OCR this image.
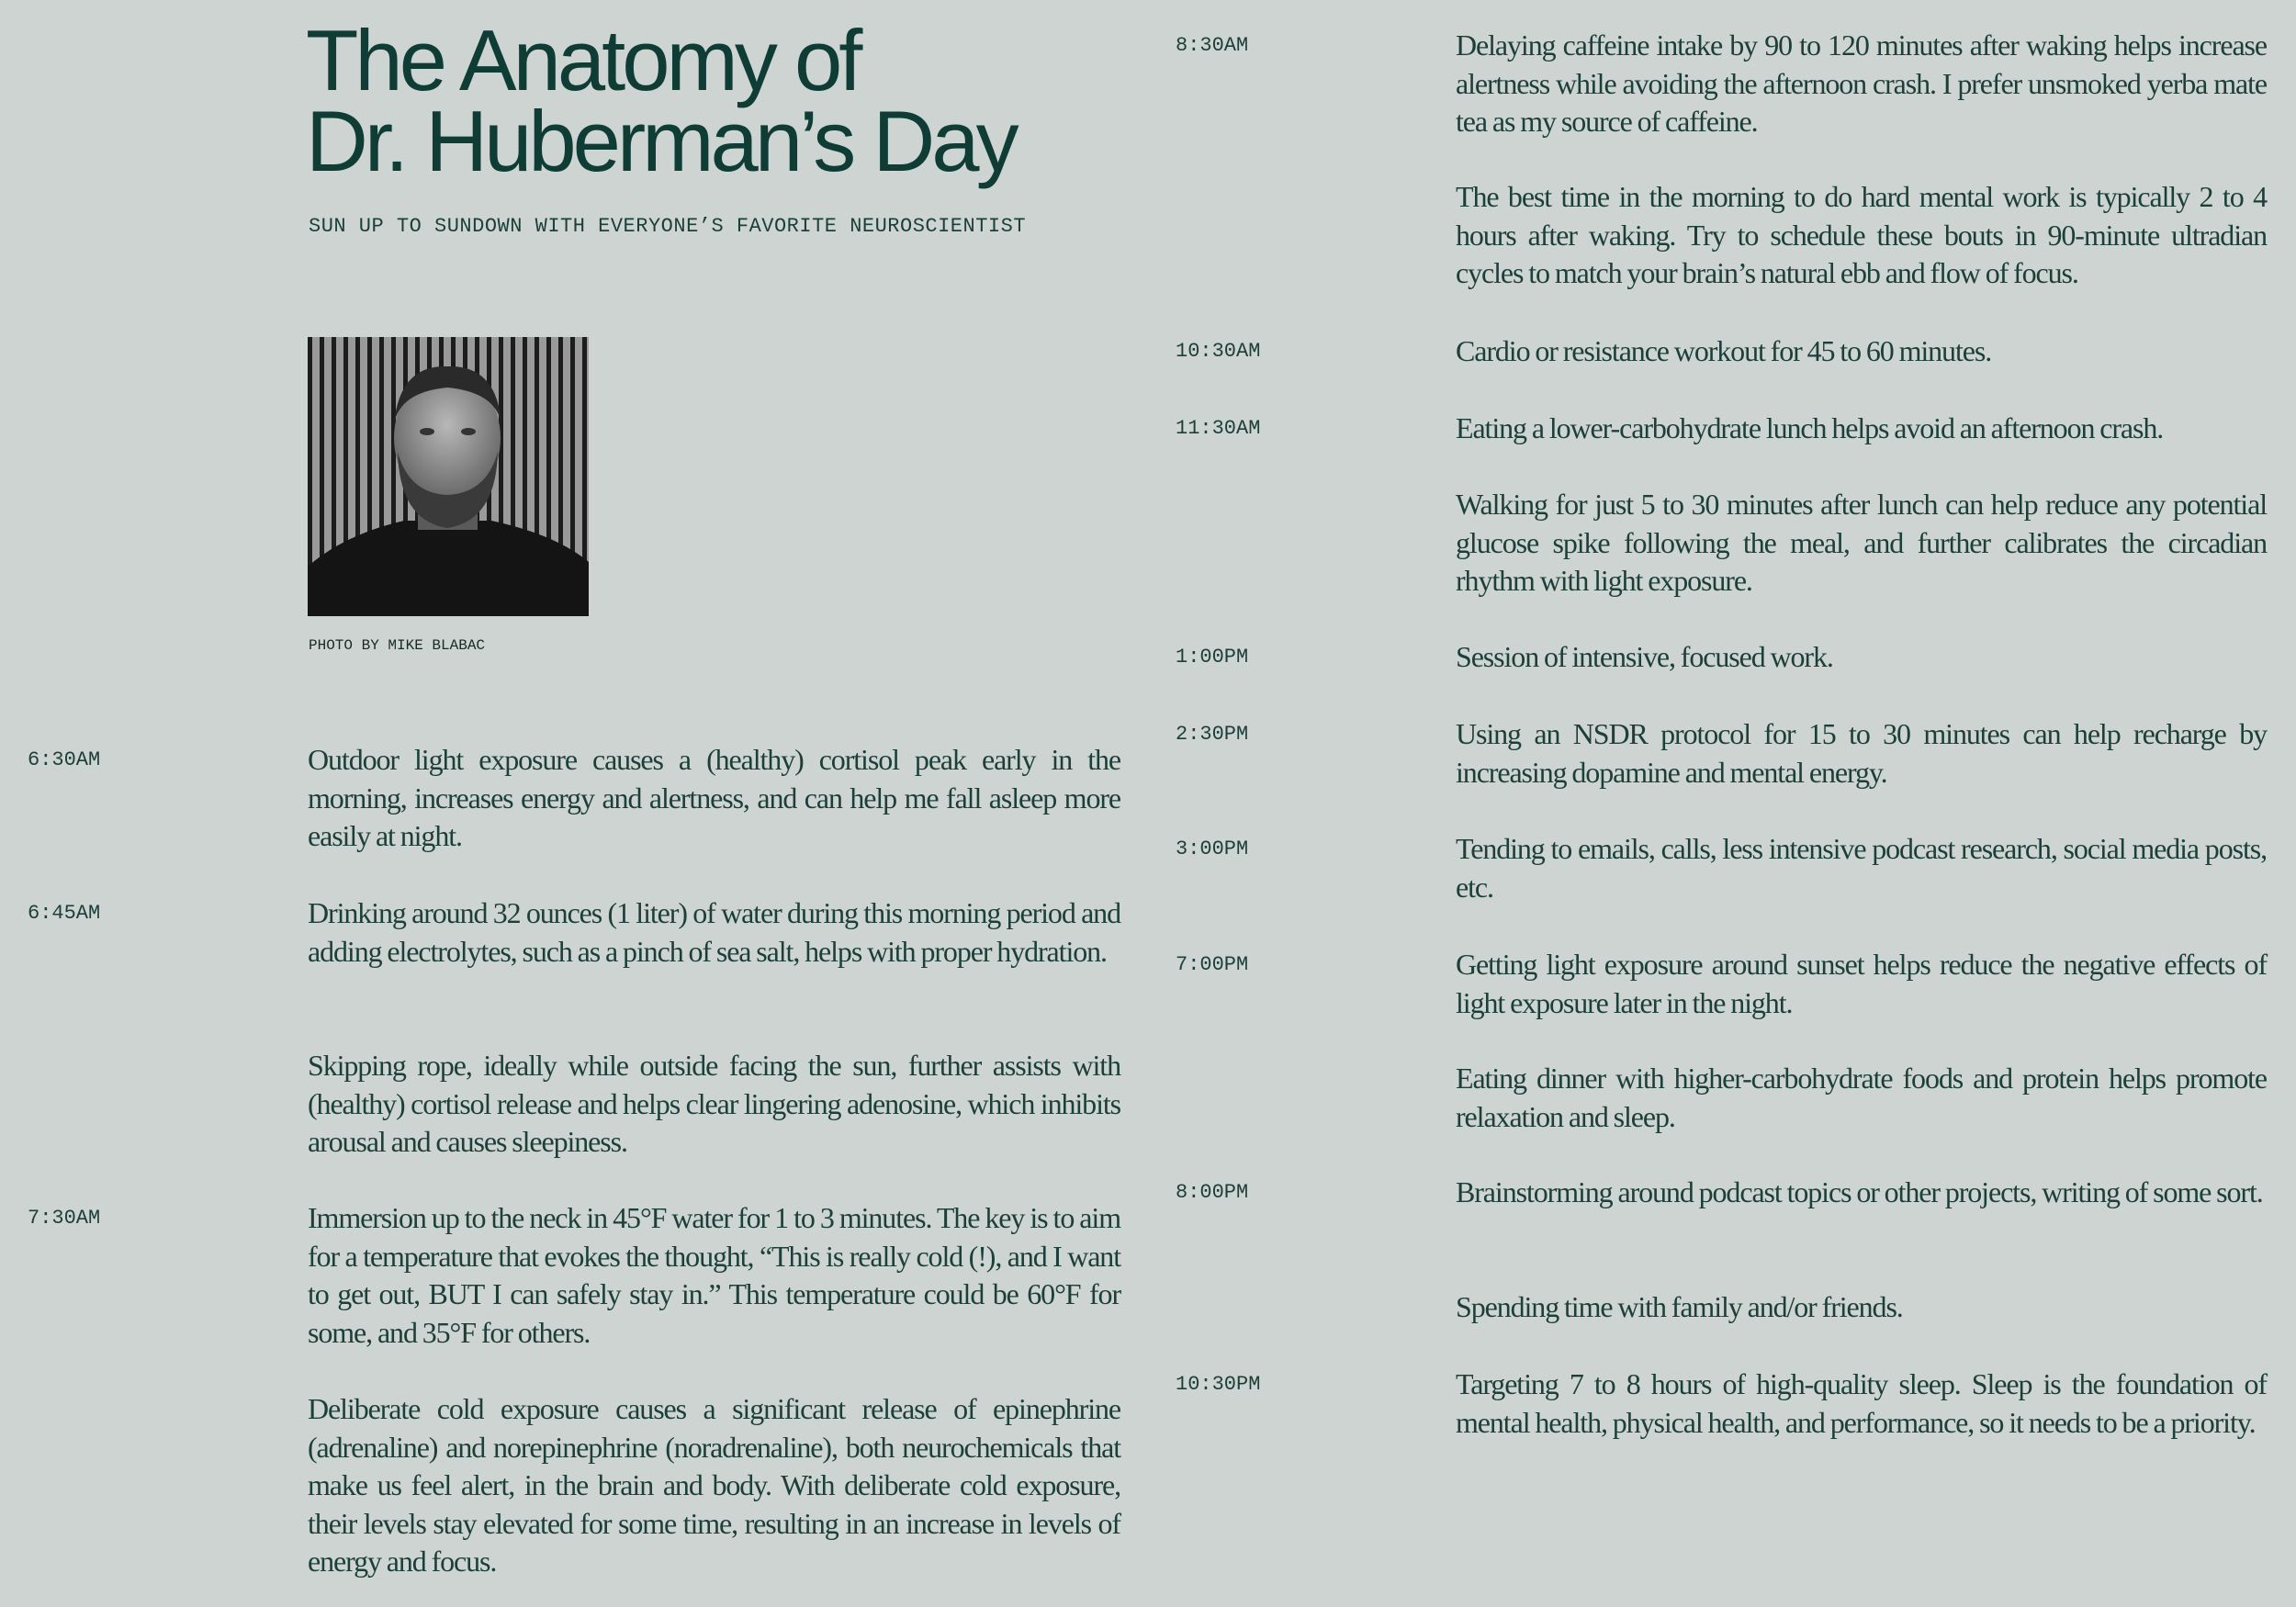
The Anatomy of
Dr. Huberman’s Day
SUN UP TO SUNDOWN WITH EVERYONE’S FAVORITE NEUROSCIENTIST
PHOTO BY MIKE BLABAC
6:30AM	Outdoor light exposure causes a (healthy) cortisol peak early in the morning, increases energy and alertness, and can help me fall asleep more easily at night.

6:45AM	Drinking around 32 ounces (1 liter) of water during this morning period and adding electrolytes, such as a pinch of sea salt, helps with proper hydration.

Skipping rope, ideally while outside facing the sun, further assists with (healthy) cortisol release and helps clear lingering adenosine, which inhibits arousal and causes sleepiness.

7:30AM	Immersion up to the neck in 45°F water for 1 to 3 minutes. The key is to aim for a temperature that evokes the thought, “This is really cold (!), and I want to get out, BUT I can safely stay in.” This temperature could be 60°F for some, and 35°F for others.

Deliberate cold exposure causes a significant release of epinephrine (adrenaline) and norepinephrine (noradrenaline), both neurochemicals that make us feel alert, in the brain and body. With deliberate cold exposure, their levels stay elevated for some time, resulting in an increase in levels of energy and focus.

8:30AM	Delaying caffeine intake by 90 to 120 minutes after waking helps increase alertness while avoiding the afternoon crash. I prefer unsmoked yerba mate tea as my source of caffeine.

The best time in the morning to do hard mental work is typically 2 to 4 hours after waking. Try to schedule these bouts in 90-minute ultradian cycles to match your brain’s natural ebb and flow of focus.

10:30AM	Cardio or resistance workout for 45 to 60 minutes.

11:30AM	Eating a lower-carbohydrate lunch helps avoid an afternoon crash.

Walking for just 5 to 30 minutes after lunch can help reduce any potential glucose spike following the meal, and further calibrates the circadian rhythm with light exposure.

1:00PM	Session of intensive, focused work.

2:30PM	Using an NSDR protocol for 15 to 30 minutes can help recharge by increasing dopamine and mental energy.

3:00PM	Tending to emails, calls, less intensive podcast research, social media posts, etc.

7:00PM	Getting light exposure around sunset helps reduce the negative effects of light exposure later in the night.

Eating dinner with higher-carbohydrate foods and protein helps promote relaxation and sleep.

8:00PM	Brainstorming around podcast topics or other projects, writing of some sort.

Spending time with family and/or friends.

10:30PM	Targeting 7 to 8 hours of high-quality sleep. Sleep is the foundation of mental health, physical health, and performance, so it needs to be a priority.
